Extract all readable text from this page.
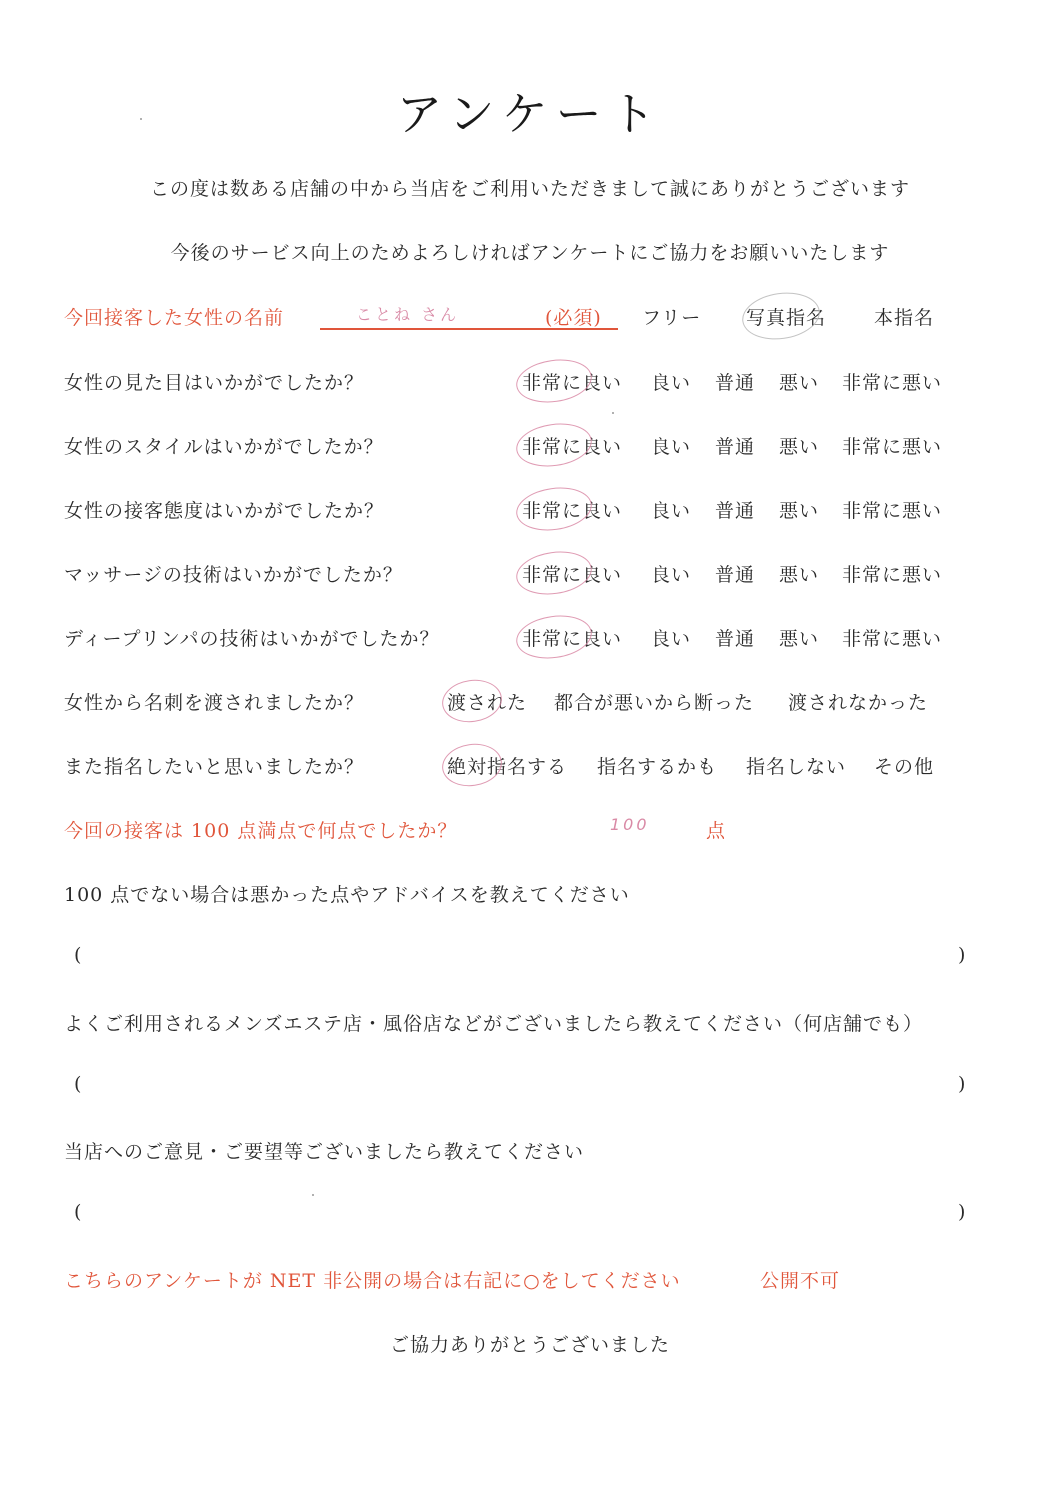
アンケート
この度は数ある店舗の中から当店をご利用いただきまして誠にありがとうございます
今後のサービス向上のためよろしければアンケートにご協力をお願いいたします
今回接客した女性の名前	ことね さん	(必須) フリー 写真指名	本指名
女性の見た目はいかがでしたか？	非常に良い 良い 普通 悪い 非常に悪い
女性のスタイルはいかがでしたか？	非常に良い 良い 普通 悪い 非常に悪い
女性の接客態度はいかがでしたか？	非常に良い 良い 普通 悪い 非常に悪い
マッサージの技術はいかがでしたか？	非常に良い 良い 普通 悪い 非常に悪い
ディープリンパの技術はいかがでしたか？	非常に良い 良い 普通 悪い 非常に悪い
女性から名刺を渡されましたか？	渡された 都合が悪いから断った 渡されなかった
また指名したいと思いましたか？	絶対指名する 指名するかも 指名しない その他
今回の接客は 100 点満点で何点でしたか？	100	点
100 点でない場合は悪かった点やアドバイスを教えてください
(	)
よくご利用されるメンズエステ店・風俗店などがございましたら教えてください（何店舗でも）
(	)
当店へのご意見・ご要望等ございましたら教えてください
(	)
こちらのアンケートが NET 非公開の場合は右記に○をしてください	公開不可
ご協力ありがとうございました
